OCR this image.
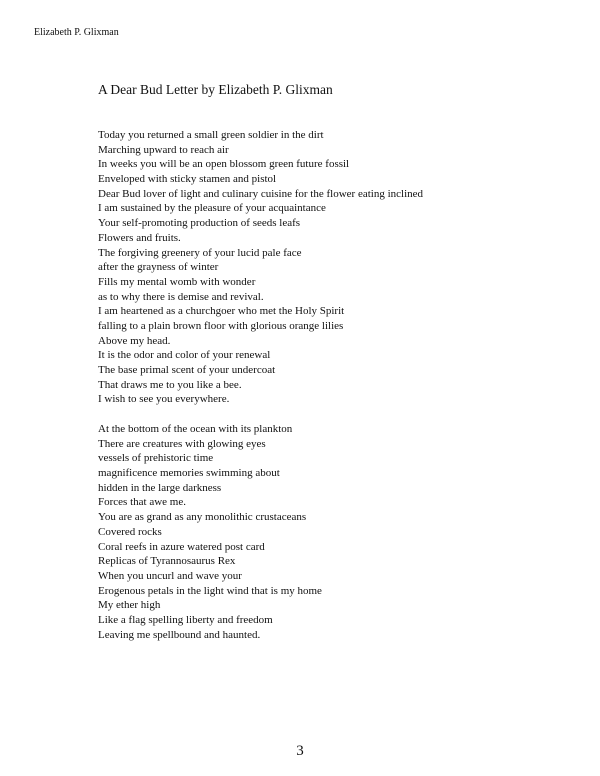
Elizabeth P. Glixman
A Dear Bud Letter by Elizabeth P. Glixman
Today you returned a small green soldier in the dirt
Marching upward to reach air
In weeks you will be an open blossom green future fossil
Enveloped with sticky stamen and pistol
Dear Bud lover of light and culinary cuisine for the flower eating inclined
I am sustained by the pleasure of your acquaintance
Your self-promoting production of seeds leafs
Flowers and fruits.
The forgiving greenery of your lucid pale face
after the grayness of winter
Fills my mental womb with wonder
as to why there is demise and revival.
I am heartened as a churchgoer who met the Holy Spirit
falling to a plain brown floor with glorious orange lilies
Above my head.
It is the odor and color of your renewal
The base primal scent of your undercoat
That draws me to you like a bee.
I wish to see you everywhere.
At the bottom of the ocean with its plankton
There are creatures with glowing eyes
vessels of prehistoric time
magnificence memories swimming about
hidden in the large darkness
Forces that awe me.
You are as grand as any monolithic crustaceans
Covered rocks
Coral reefs in azure watered post card
Replicas of Tyrannosaurus Rex
When you uncurl and wave your
Erogenous petals in the light wind that is my home
My ether high
Like a flag spelling liberty and freedom
Leaving me spellbound and haunted.
3
